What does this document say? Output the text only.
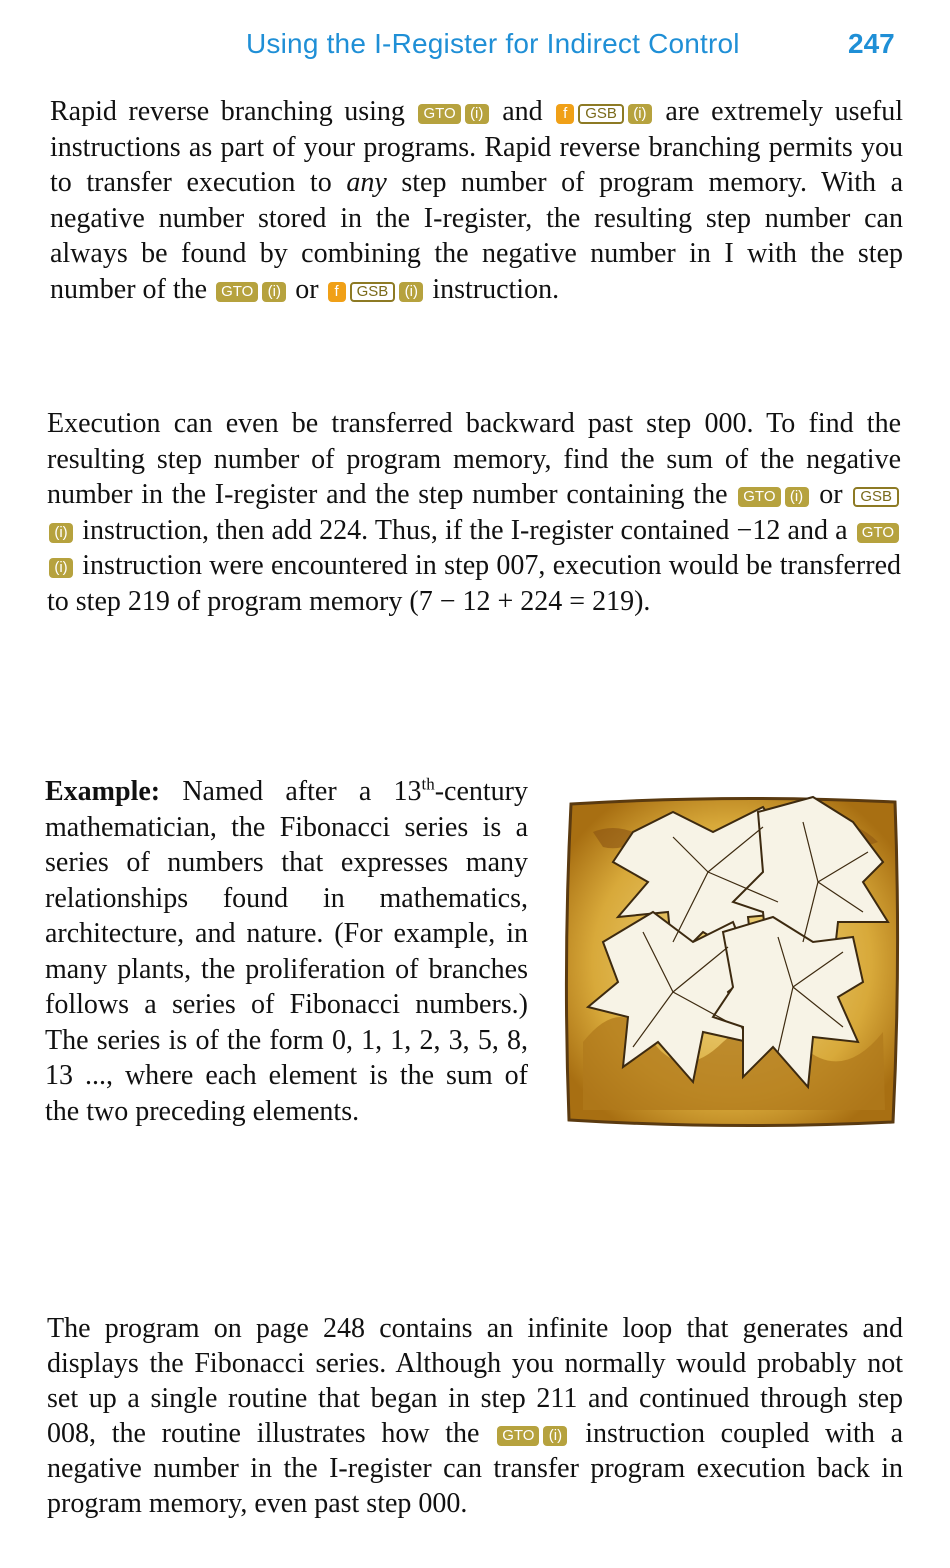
Using the I-Register for Indirect Control	247
Rapid reverse branching using GTO (i) and f GSB (i) are extremely useful instructions as part of your programs. Rapid reverse branching permits you to transfer execution to any step number of program memory. With a negative number stored in the I-register, the resulting step number can always be found by combining the negative number in I with the step number of the GTO (i) or f GSB (i) instruction.
Execution can even be transferred backward past step 000. To find the resulting step number of program memory, find the sum of the negative number in the I-register and the step number containing the GTO (i) or GSB(i) instruction, then add 224. Thus, if the I-register contained −12 and a GTO(i) instruction were encountered in step 007, execution would be transferred to step 219 of program memory (7 − 12 + 224 = 219).
Example: Named after a 13th-century mathematician, the Fibonacci series is a series of numbers that expresses many relationships found in mathematics, architecture, and nature. (For example, in many plants, the proliferation of branches follows a series of Fibonacci numbers.) The series is of the form 0, 1, 1, 2, 3, 5, 8, 13 ..., where each element is the sum of the two preceding elements.
The program on page 248 contains an infinite loop that generates and displays the Fibonacci series. Although you normally would probably not set up a single routine that began in step 211 and continued through step 008, the routine illustrates how the GTO (i) instruction coupled with a negative number in the I-register can transfer program execution back in program memory, even past step 000.
